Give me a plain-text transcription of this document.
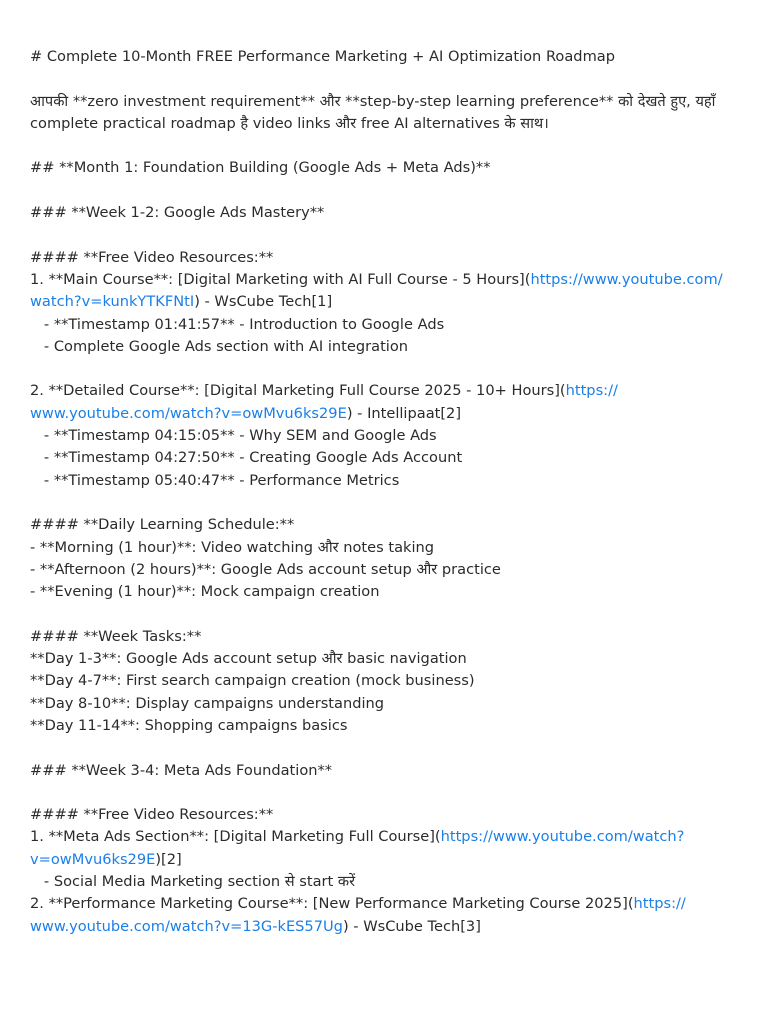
# Complete 10-Month FREE Performance Marketing + AI Optimization Roadmap

आपकी **zero investment requirement** और **step-by-step learning preference** को देखते हुए, यहाँ

complete practical roadmap है video links और free AI alternatives के साथ।

## **Month 1: Foundation Building (Google Ads + Meta Ads)**

### **Week 1-2: Google Ads Mastery**

#### **Free Video Resources:**

1. **Main Course**: [Digital Marketing with AI Full Course - 5 Hours](https://www.youtube.com/

watch?v=kunkYTKFNtI) - WsCube Tech[1]

- **Timestamp 01:41:57** - Introduction to Google Ads

- Complete Google Ads section with AI integration

2. **Detailed Course**: [Digital Marketing Full Course 2025 - 10+ Hours](https://

www.youtube.com/watch?v=owMvu6ks29E) - Intellipaat[2]

- **Timestamp 04:15:05** - Why SEM and Google Ads

- **Timestamp 04:27:50** - Creating Google Ads Account

- **Timestamp 05:40:47** - Performance Metrics

#### **Daily Learning Schedule:**

- **Morning (1 hour)**: Video watching और notes taking

- **Afternoon (2 hours)**: Google Ads account setup और practice

- **Evening (1 hour)**: Mock campaign creation

#### **Week Tasks:**

**Day 1-3**: Google Ads account setup और basic navigation

**Day 4-7**: First search campaign creation (mock business)

**Day 8-10**: Display campaigns understanding

**Day 11-14**: Shopping campaigns basics

### **Week 3-4: Meta Ads Foundation**

#### **Free Video Resources:**

1. **Meta Ads Section**: [Digital Marketing Full Course](https://www.youtube.com/watch?

v=owMvu6ks29E)[2]

- Social Media Marketing section से start करें

2. **Performance Marketing Course**: [New Performance Marketing Course 2025](https://

www.youtube.com/watch?v=13G-kES57Ug) - WsCube Tech[3]
